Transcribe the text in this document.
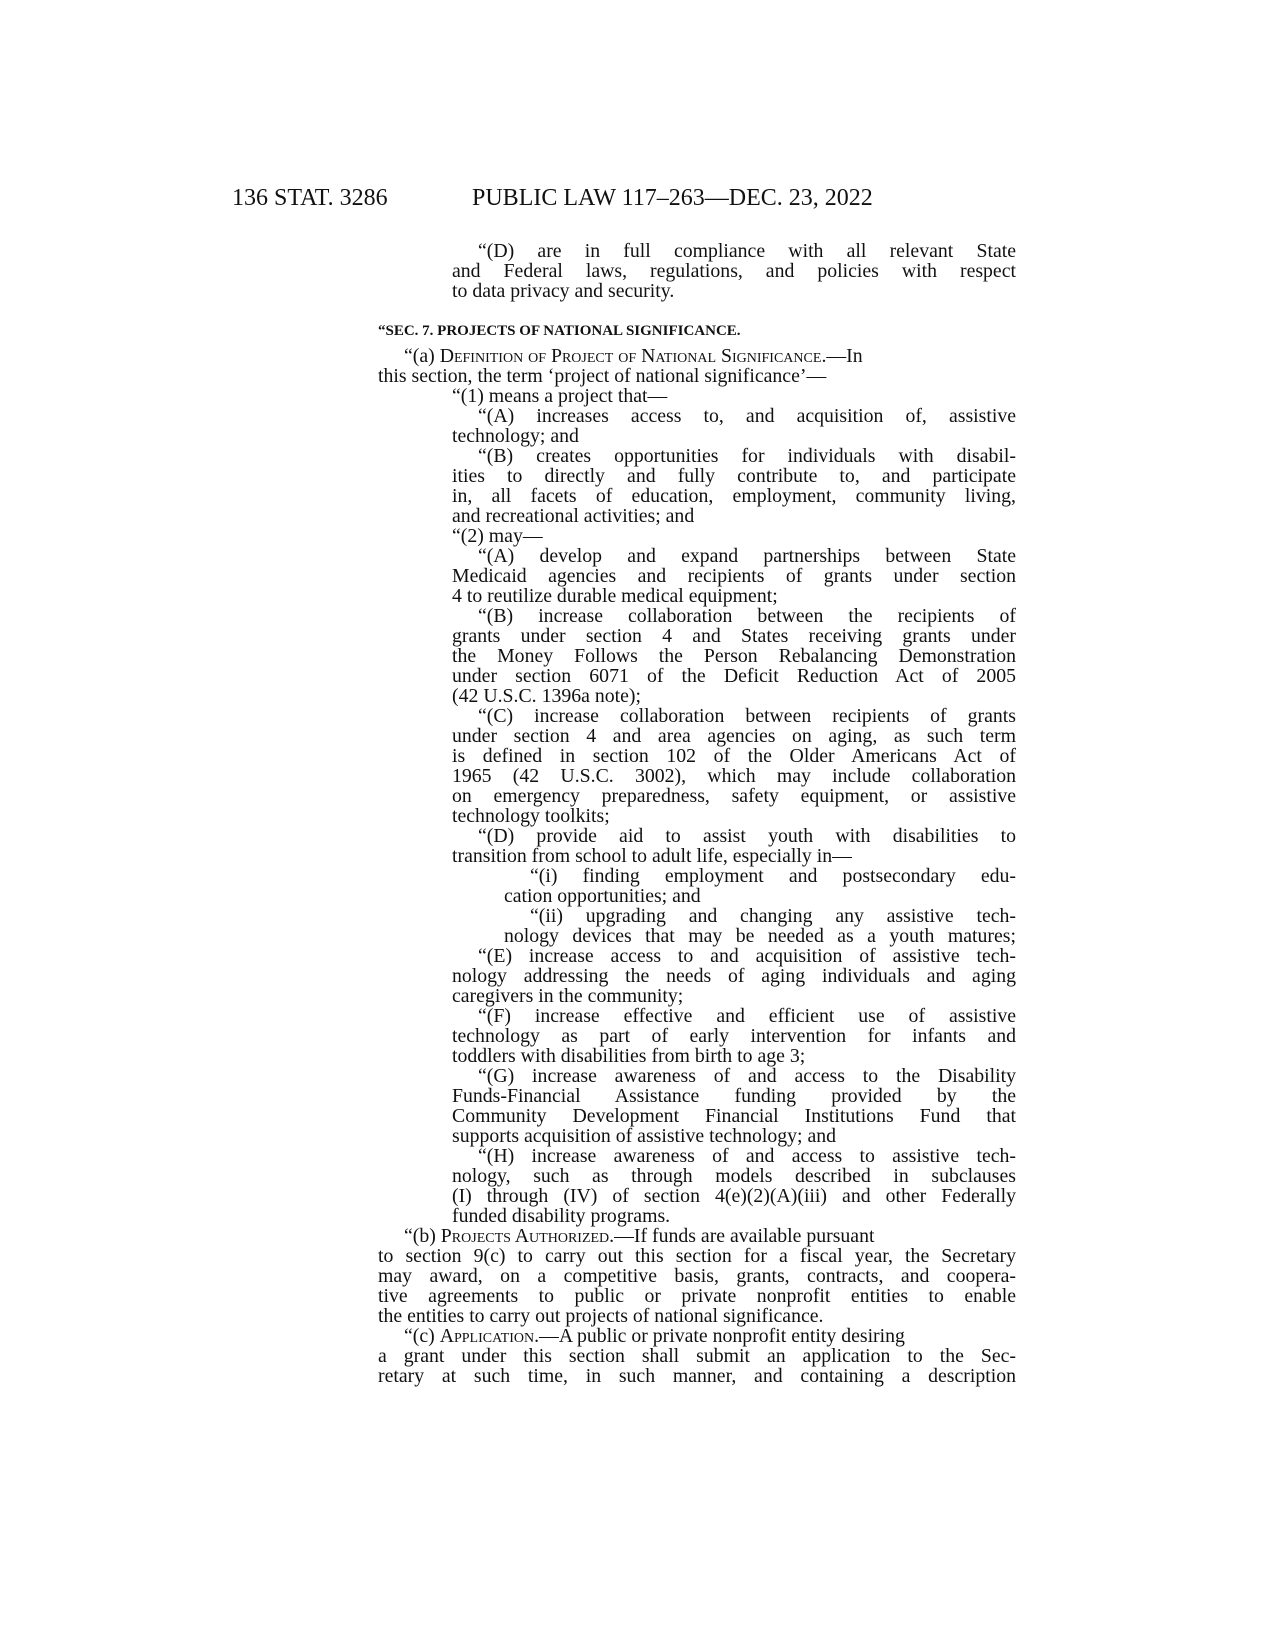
136 STAT. 3286	PUBLIC LAW 117–263—DEC. 23, 2022
“(D) are in full compliance with all relevant State
and Federal laws, regulations, and policies with respect
to data privacy and security.
“SEC. 7. PROJECTS OF NATIONAL SIGNIFICANCE.
“(a) Definition of Project of National Significance.—In
this section, the term ‘project of national significance’—
“(1) means a project that—
“(A) increases access to, and acquisition of, assistive
technology; and
“(B) creates opportunities for individuals with disabil-
ities to directly and fully contribute to, and participate
in, all facets of education, employment, community living,
and recreational activities; and
“(2) may—
“(A) develop and expand partnerships between State
Medicaid agencies and recipients of grants under section
4 to reutilize durable medical equipment;
“(B) increase collaboration between the recipients of
grants under section 4 and States receiving grants under
the Money Follows the Person Rebalancing Demonstration
under section 6071 of the Deficit Reduction Act of 2005
(42 U.S.C. 1396a note);
“(C) increase collaboration between recipients of grants
under section 4 and area agencies on aging, as such term
is defined in section 102 of the Older Americans Act of
1965 (42 U.S.C. 3002), which may include collaboration
on emergency preparedness, safety equipment, or assistive
technology toolkits;
“(D) provide aid to assist youth with disabilities to
transition from school to adult life, especially in—
“(i) finding employment and postsecondary edu-
cation opportunities; and
“(ii) upgrading and changing any assistive tech-
nology devices that may be needed as a youth matures;
“(E) increase access to and acquisition of assistive tech-
nology addressing the needs of aging individuals and aging
caregivers in the community;
“(F) increase effective and efficient use of assistive
technology as part of early intervention for infants and
toddlers with disabilities from birth to age 3;
“(G) increase awareness of and access to the Disability
Funds-Financial Assistance funding provided by the
Community Development Financial Institutions Fund that
supports acquisition of assistive technology; and
“(H) increase awareness of and access to assistive tech-
nology, such as through models described in subclauses
(I) through (IV) of section 4(e)(2)(A)(iii) and other Federally
funded disability programs.
“(b) Projects Authorized.—If funds are available pursuant
to section 9(c) to carry out this section for a fiscal year, the Secretary
may award, on a competitive basis, grants, contracts, and coopera-
tive agreements to public or private nonprofit entities to enable
the entities to carry out projects of national significance.
“(c) Application.—A public or private nonprofit entity desiring
a grant under this section shall submit an application to the Sec-
retary at such time, in such manner, and containing a description
